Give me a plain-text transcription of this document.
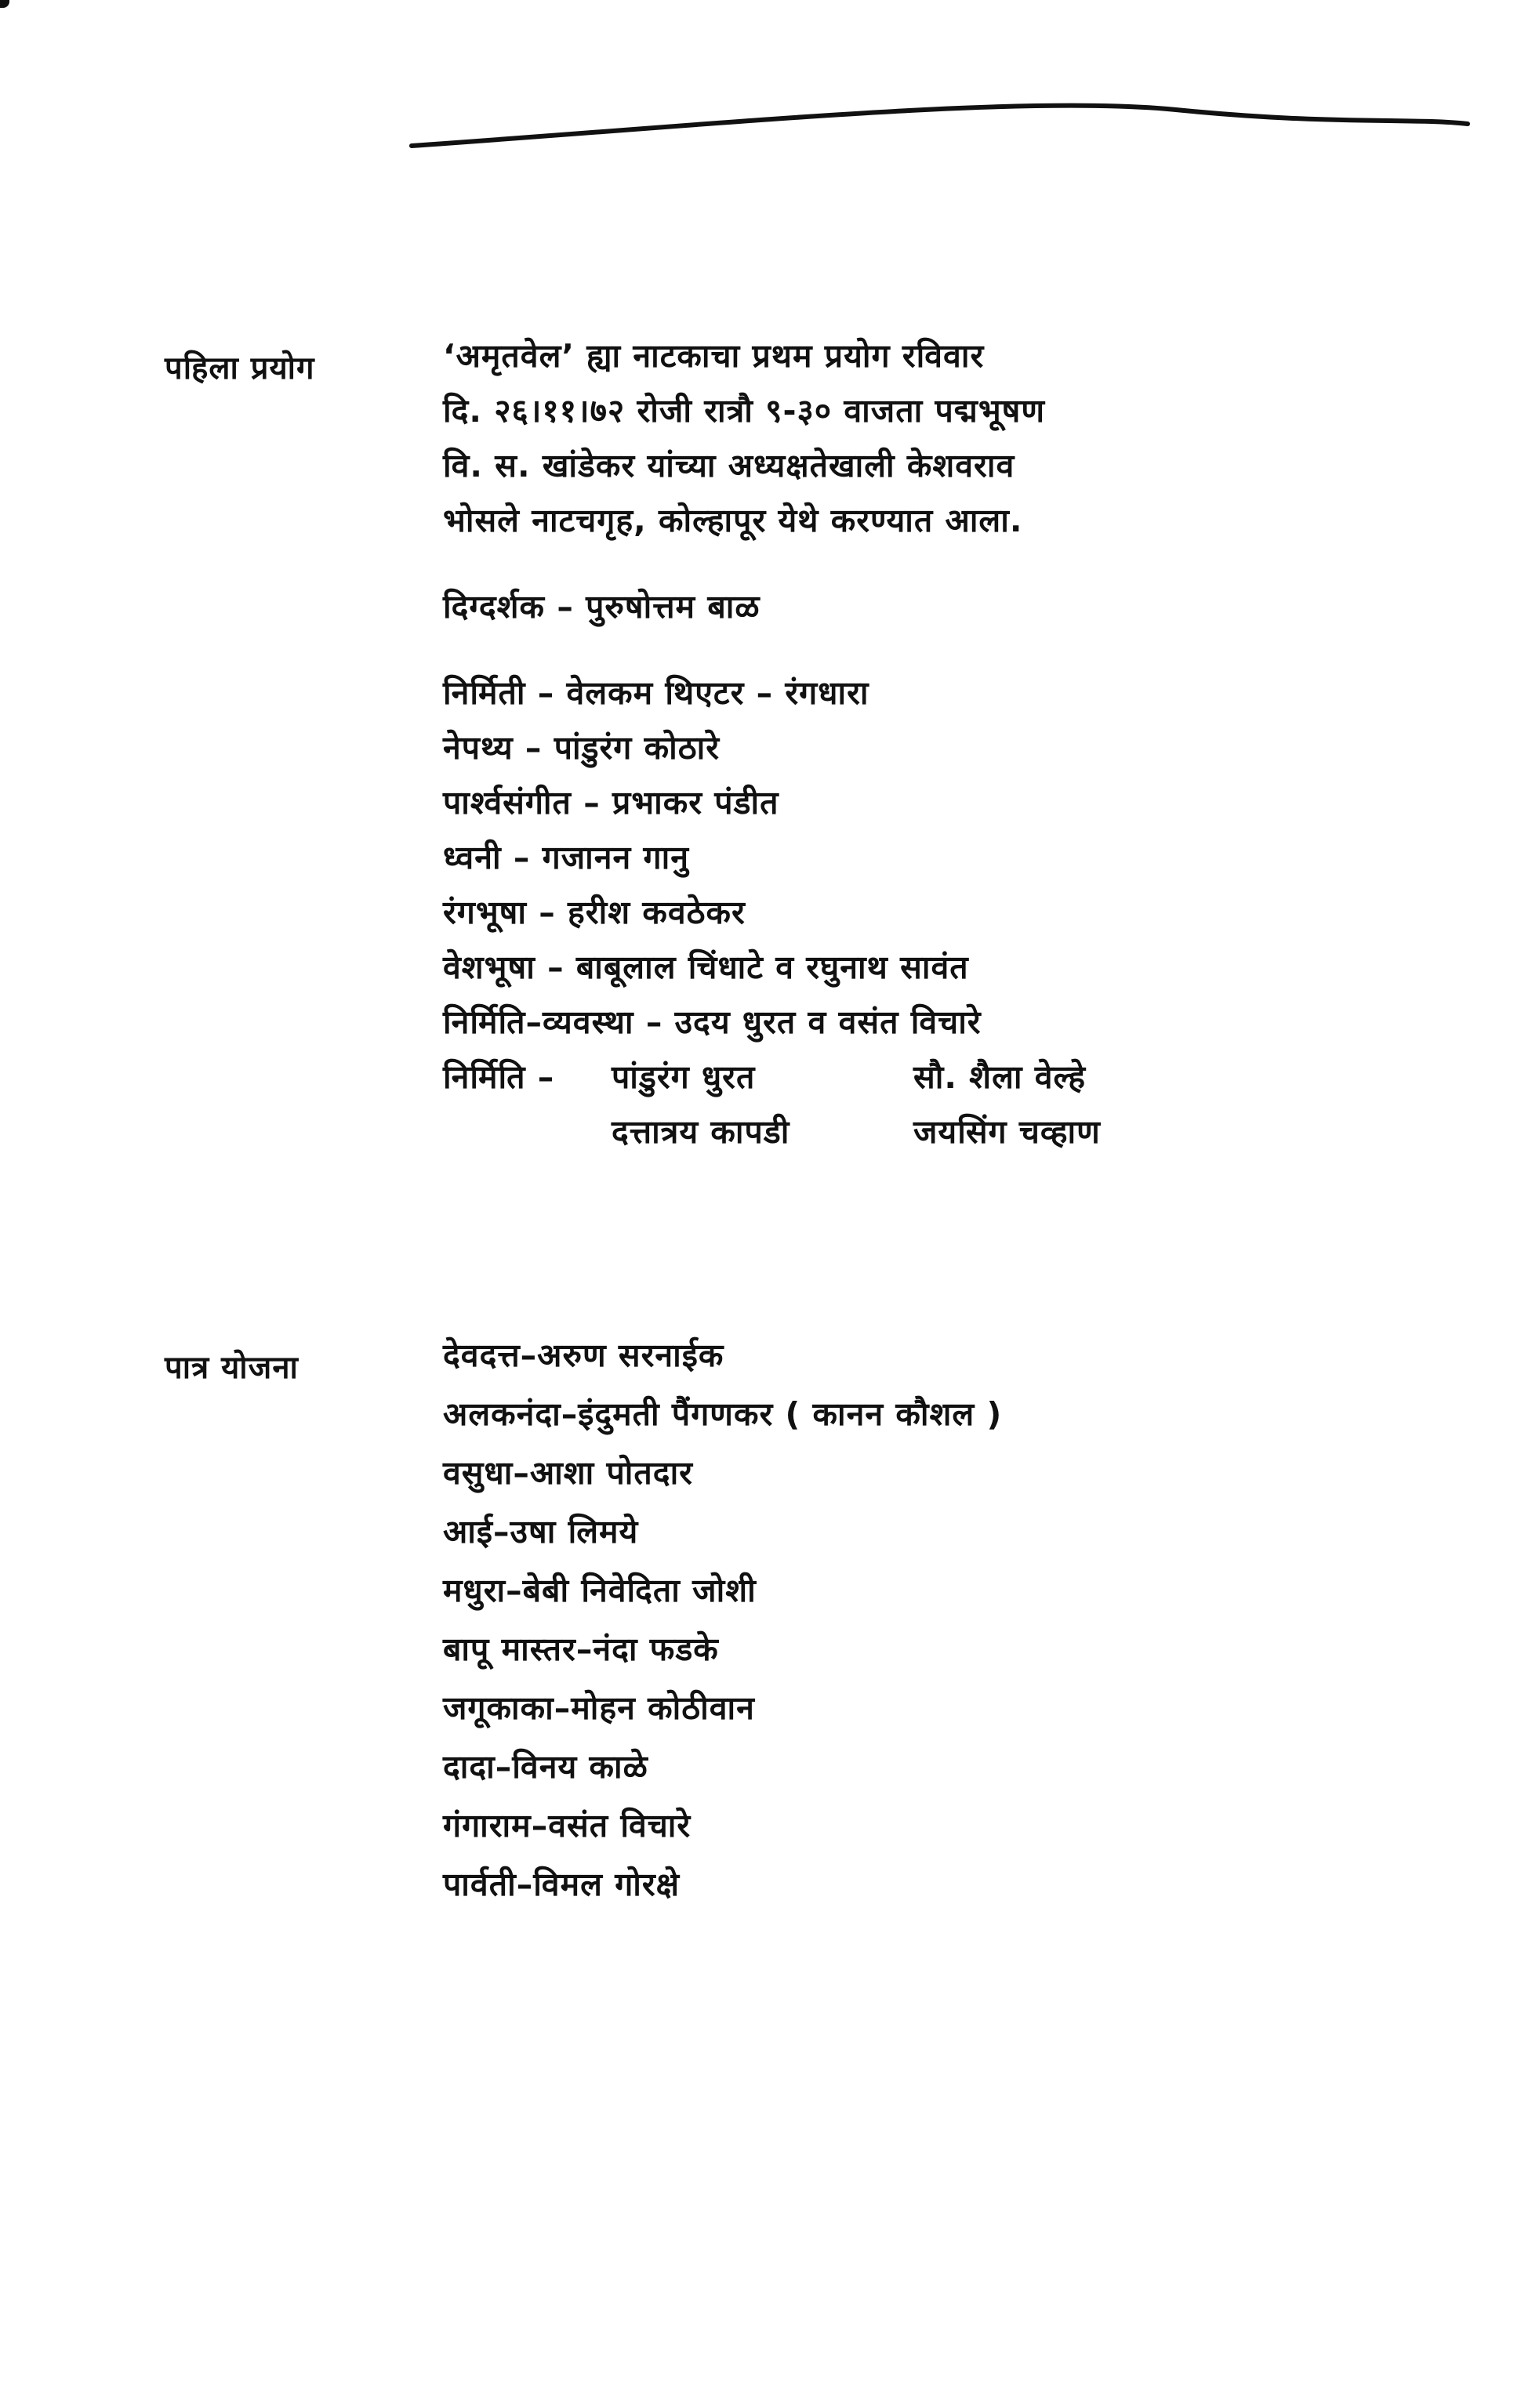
पहिला प्रयोग	‘अमृतवेल’ ह्या नाटकाचा प्रथम प्रयोग रविवार
दि. २६।११।७२ रोजी रात्रौ ९-३० वाजता पद्मभूषण
वि. स. खांडेकर यांच्या अध्यक्षतेखाली केशवराव
भोसले नाटचगृह, कोल्हापूर येथे करण्यात आला.
दिग्दर्शक – पुरुषोत्तम बाळ
निर्मिती – वेलकम थिएटर – रंगधारा
नेपथ्य – पांडुरंग कोठारे
पार्श्वसंगीत – प्रभाकर पंडीत
ध्वनी – गजानन गानु
रंगभूषा – हरीश कवठेकर
वेशभूषा – बाबूलाल चिंधाटे व रघुनाथ सावंत
निर्मिति–व्यवस्था – उदय धुरत व वसंत विचारे
निर्मिति – पांडुरंग धुरत	सौ. शैला वेल्हे
दत्तात्रय कापडी	जयसिंग चव्हाण
पात्र योजना	देवदत्त–अरुण सरनाईक
अलकनंदा–इंदुमती पैंगणकर ( कानन कौशल )
वसुधा–आशा पोतदार
आई–उषा लिमये
मधुरा–बेबी निवेदिता जोशी
बापू मास्तर–नंदा फडके
जगूकाका–मोहन कोठीवान
दादा–विनय काळे
गंगाराम–वसंत विचारे
पार्वती–विमल गोरक्षे
